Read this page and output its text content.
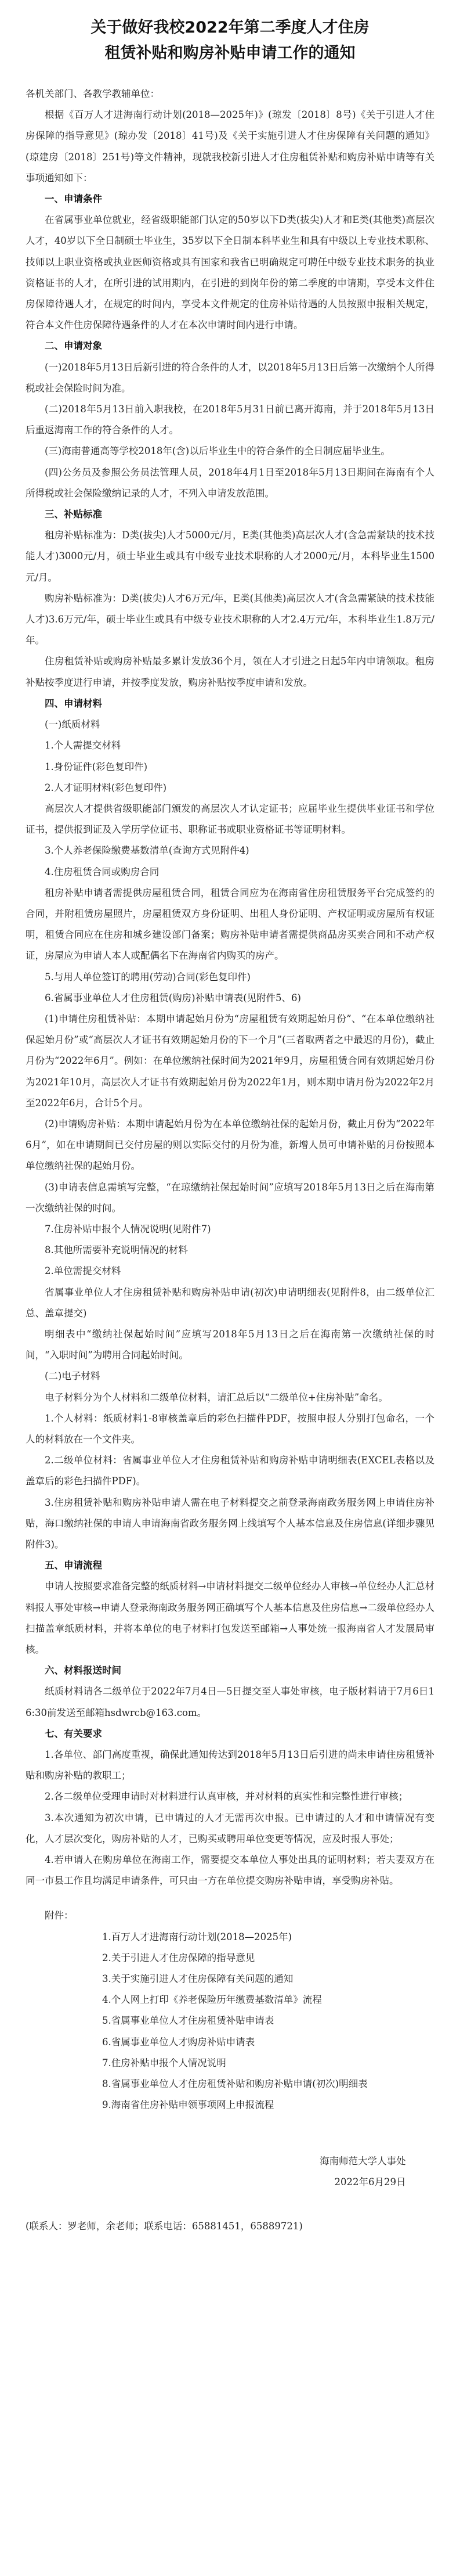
关于做好我校2022年第二季度人才住房
租赁补贴和购房补贴申请工作的通知

各机关部门、各教学教辅单位：

根据《百万人才进海南行动计划(2018—2025年)》(琼发〔2018〕8号)《关于引进人才住房保障的指导意见》(琼办发〔2018〕41号)及《关于实施引进人才住房保障有关问题的通知》(琼建房〔2018〕251号)等文件精神，现就我校新引进人才住房租赁补贴和购房补贴申请等有关事项通知如下：

一、申请条件

在省属事业单位就业，经省级职能部门认定的50岁以下D类(拔尖)人才和E类(其他类)高层次人才，40岁以下全日制硕士毕业生，35岁以下全日制本科毕业生和具有中级以上专业技术职称、技师以上职业资格或执业医师资格或具有国家和我省已明确规定可聘任中级专业技术职务的执业资格证书的人才，在所引进的试用期内，在引进的到岗年份的第二季度的申请期，享受本文件住房保障待遇人才，在规定的时间内，享受本文件规定的住房补贴待遇的人员按照申报相关规定，符合本文件住房保障待遇条件的人才在本次申请时间内进行申请。

二、申请对象

(一)2018年5月13日后新引进的符合条件的人才，以2018年5月13日后第一次缴纳个人所得税或社会保险时间为准。

(二)2018年5月13日前入职我校，在2018年5月31日前已离开海南，并于2018年5月13日后重返海南工作的符合条件的人才。

(三)海南普通高等学校2018年(含)以后毕业生中的符合条件的全日制应届毕业生。

(四)公务员及参照公务员法管理人员，2018年4月1日至2018年5月13日期间在海南有个人所得税或社会保险缴纳记录的人才，不列入申请发放范围。

三、补贴标准

租房补贴标准为：D类(拔尖)人才5000元/月，E类(其他类)高层次人才(含急需紧缺的技术技能人才)3000元/月，硕士毕业生或具有中级专业技术职称的人才2000元/月，本科毕业生1500元/月。

购房补贴标准为：D类(拔尖)人才6万元/年，E类(其他类)高层次人才(含急需紧缺的技术技能人才)3.6万元/年，硕士毕业生或具有中级专业技术职称的人才2.4万元/年，本科毕业生1.8万元/年。

住房租赁补贴或购房补贴最多累计发放36个月，领在人才引进之日起5年内申请领取。租房补贴按季度进行申请，并按季度发放，购房补贴按季度申请和发放。

四、申请材料

(一)纸质材料

1.个人需提交材料

1.身份证件(彩色复印件)

2.人才证明材料(彩色复印件)

高层次人才提供省级职能部门颁发的高层次人才认定证书；应届毕业生提供毕业证书和学位证书，提供报到证及入学历学位证书、职称证书或职业资格证书等证明材料。

3.个人养老保险缴费基数清单(查询方式见附件4)

4.住房租赁合同或购房合同

租房补贴申请者需提供房屋租赁合同，租赁合同应为在海南省住房租赁服务平台完成签约的合同，并附租赁房屋照片，房屋租赁双方身份证明、出租人身份证明、产权证明或房屋所有权证明，租赁合同应在住房和城乡建设部门备案；购房补贴申请者需提供商品房买卖合同和不动产权证，房屋应为申请人本人或配偶名下在海南省内购买的房产。

5.与用人单位签订的聘用(劳动)合同(彩色复印件)

6.省属事业单位人才住房租赁(购房)补贴申请表(见附件5、6)

(1)申请住房租赁补贴：本期申请起始月份为“房屋租赁有效期起始月份”、“在本单位缴纳社保起始月份”或“高层次人才证书有效期起始月份的下一个月”(三者取两者之中最迟的月份)，截止月份为“2022年6月”。例如：在单位缴纳社保时间为2021年9月，房屋租赁合同有效期起始月份为2021年10月，高层次人才证书有效期起始月份为2022年1月，则本期申请月份为2022年2月至2022年6月，合计5个月。

(2)申请购房补贴：本期申请起始月份为在本单位缴纳社保的起始月份，截止月份为“2022年6月”，如在申请期间已交付房屋的则以实际交付的月份为准，新增人员可申请补贴的月份按照本单位缴纳社保的起始月份。

(3)申请表信息需填写完整，“在琼缴纳社保起始时间”应填写2018年5月13日之后在海南第一次缴纳社保的时间。

7.住房补贴申报个人情况说明(见附件7)

8.其他所需要补充说明情况的材料

2.单位需提交材料

省属事业单位人才住房租赁补贴和购房补贴申请(初次)申请明细表(见附件8，由二级单位汇总、盖章提交)

明细表中“缴纳社保起始时间”应填写2018年5月13日之后在海南第一次缴纳社保的时间，“入职时间”为聘用合同起始时间。

(二)电子材料

电子材料分为个人材料和二级单位材料，请汇总后以“二级单位+住房补贴”命名。

1.个人材料：纸质材料1-8审核盖章后的彩色扫描件PDF，按照申报人分别打包命名，一个人的材料放在一个文件夹。

2.二级单位材料：省属事业单位人才住房租赁补贴和购房补贴申请明细表(EXCEL表格以及盖章后的彩色扫描件PDF)。

3.住房租赁补贴和购房补贴申请人需在电子材料提交之前登录海南政务服务网上申请住房补贴，海口缴纳社保的申请人申请海南省政务服务网上线填写个人基本信息及住房信息(详细步骤见附件3)。

五、申请流程

申请人按照要求准备完整的纸质材料→申请材料提交二级单位经办人审核→单位经办人汇总材料报人事处审核→申请人登录海南政务服务网正确填写个人基本信息及住房信息→二级单位经办人扫描盖章纸质材料，并将本单位的电子材料打包发送至邮箱→人事处统一报海南省人才发展局审核。

六、材料报送时间

纸质材料请各二级单位于2022年7月4日—5日提交至人事处审核，电子版材料请于7月6日16:30前发送至邮箱hsdwrcb@163.com。

七、有关要求

1.各单位、部门高度重视，确保此通知传达到2018年5月13日后引进的尚未申请住房租赁补贴和购房补贴的教职工；

2.各二级单位受理申请时对材料进行认真审核，并对材料的真实性和完整性进行审核；

3.本次通知为初次申请，已申请过的人才无需再次申报。已申请过的人才和申请情况有变化，人才层次变化，购房补贴的人才，已购买或聘用单位变更等情况，应及时报人事处；

4.若申请人在购房单位在海南工作，需要提交本单位人事处出具的证明材料；若夫妻双方在同一市县工作且均满足申请条件，可只由一方在单位提交购房补贴申请，享受购房补贴。

附件：
1.百万人才进海南行动计划(2018—2025年)
2.关于引进人才住房保障的指导意见
3.关于实施引进人才住房保障有关问题的通知
4.个人网上打印《养老保险历年缴费基数清单》流程
5.省属事业单位人才住房租赁补贴申请表
6.省属事业单位人才购房补贴申请表
7.住房补贴申报个人情况说明
8.省属事业单位人才住房租赁补贴和购房补贴申请(初次)明细表
9.海南省住房补贴申领事项网上申报流程

海南师范大学人事处

2022年6月29日

(联系人：罗老师，余老师；联系电话：65881451，65889721)
